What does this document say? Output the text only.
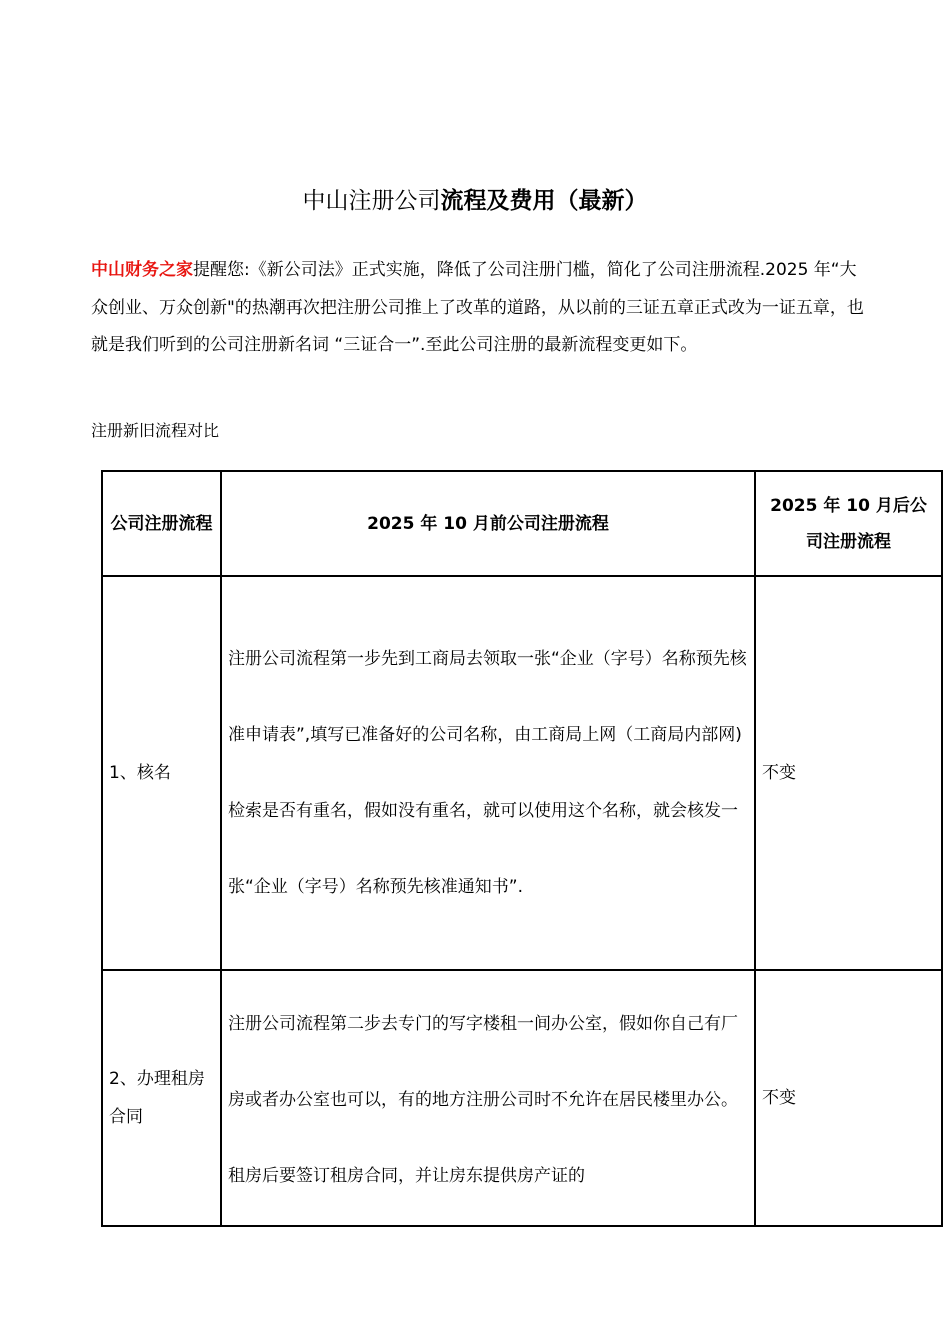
中山注册公司流程及费用（最新）
中山财务之家提醒您:《新公司法》正式实施，降低了公司注册门槛，简化了公司注册流程.2025 年“大众创业、万众创新"的热潮再次把注册公司推上了改革的道路，从以前的三证五章正式改为一证五章，也就是我们听到的公司注册新名词 “三证合一”.至此公司注册的最新流程变更如下。
注册新旧流程对比
公司注册流程	2025 年 10 月前公司注册流程	2025 年 10 月后公司注册流程
1、核名	注册公司流程第一步先到工商局去领取一张“企业（字号）名称预先核准申请表”,填写已准备好的公司名称，由工商局上网（工商局内部网)检索是否有重名，假如没有重名，就可以使用这个名称，就会核发一张“企业（字号）名称预先核准通知书”.	不变
2、办理租房合同	注册公司流程第二步去专门的写字楼租一间办公室，假如你自己有厂房或者办公室也可以，有的地方注册公司时不允许在居民楼里办公。租房后要签订租房合同，并让房东提供房产证的	不变
